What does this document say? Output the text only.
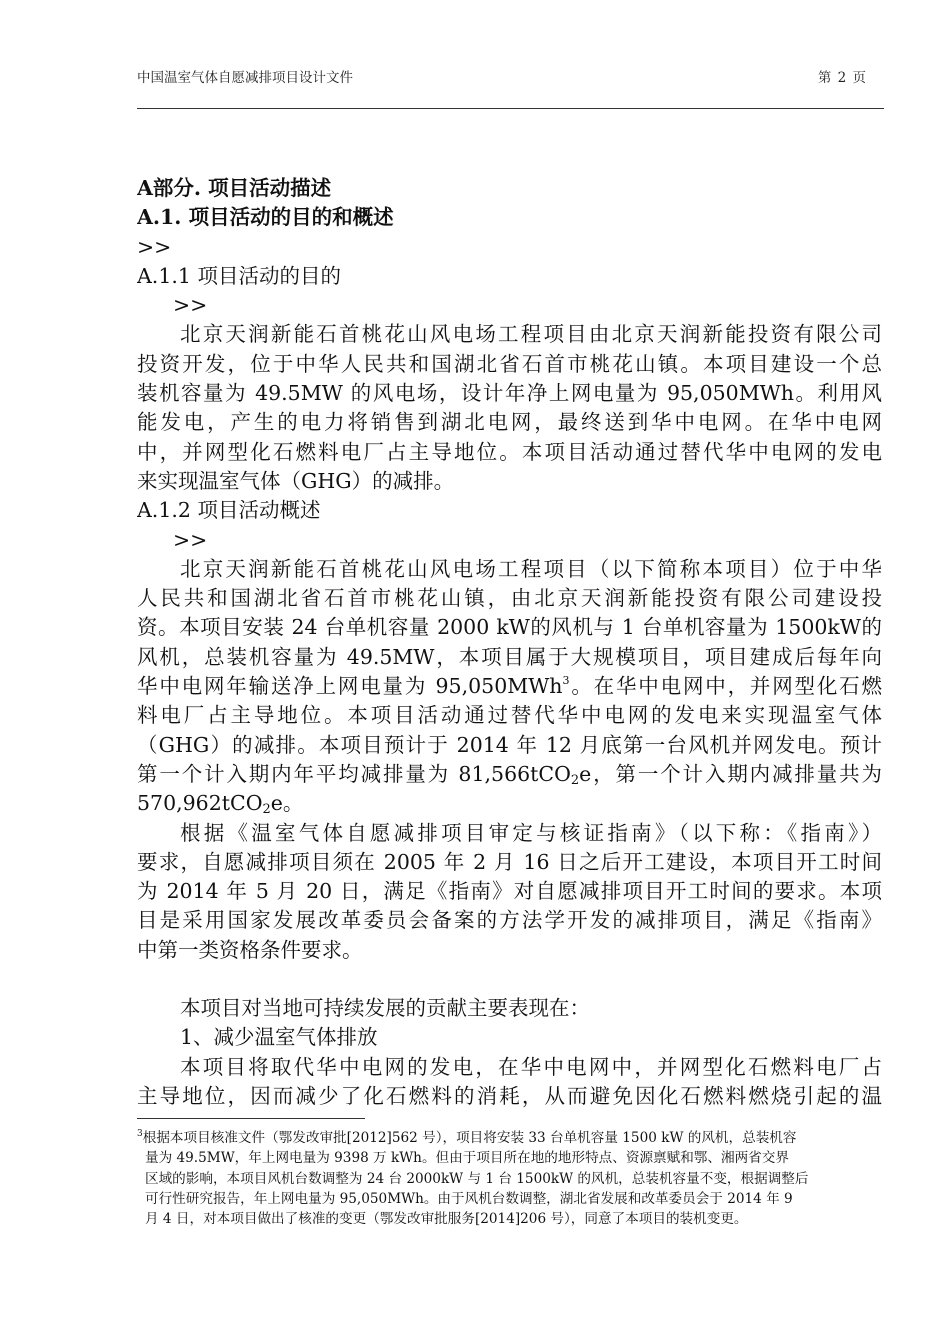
中国温室气体自愿减排项目设计文件	第 2 页
A部分. 项目活动描述
A.1. 项目活动的目的和概述
>>
A.1.1 项目活动的目的
>>
北京天润新能石首桃花山风电场工程项目由北京天润新能投资有限公司
投资开发，位于中华人民共和国湖北省石首市桃花山镇。本项目建设一个总
装机容量为 49.5MW 的风电场，设计年净上网电量为 95,050MWh。利用风
能发电，产生的电力将销售到湖北电网，最终送到华中电网。在华中电网
中，并网型化石燃料电厂占主导地位。本项目活动通过替代华中电网的发电
来实现温室气体（GHG）的减排。
A.1.2 项目活动概述
>>
北京天润新能石首桃花山风电场工程项目（以下简称本项目）位于中华
人民共和国湖北省石首市桃花山镇，由北京天润新能投资有限公司建设投
资。本项目安装 24 台单机容量 2000 kW的风机与 1 台单机容量为 1500kW的
风机，总装机容量为 49.5MW，本项目属于大规模项目，项目建成后每年向
华中电网年输送净上网电量为 95,050MWh$^3$。在华中电网中，并网型化石燃
料电厂占主导地位。本项目活动通过替代华中电网的发电来实现温室气体
（GHG）的减排。本项目预计于 2014 年 12 月底第一台风机并网发电。预计
第一个计入期内年平均减排量为 81,566tCO$_2$e，第一个计入期内减排量共为
570,962tCO$_2$e。
根据《温室气体自愿减排项目审定与核证指南》（以下称：《指南》）
要求，自愿减排项目须在 2005 年 2 月 16 日之后开工建设，本项目开工时间
为 2014 年 5 月 20 日，满足《指南》对自愿减排项目开工时间的要求。本项
目是采用国家发展改革委员会备案的方法学开发的减排项目，满足《指南》
中第一类资格条件要求。
本项目对当地可持续发展的贡献主要表现在：
1、减少温室气体排放
本项目将取代华中电网的发电，在华中电网中，并网型化石燃料电厂占
主导地位，因而减少了化石燃料的消耗，从而避免因化石燃料燃烧引起的温
$^3$根据本项目核准文件（鄂发改审批[2012]562 号），项目将安装 33 台单机容量 1500 kW 的风机，总装机容
量为 49.5MW，年上网电量为 9398 万 kWh。但由于项目所在地的地形特点、资源禀赋和鄂、湘两省交界
区域的影响，本项目风机台数调整为 24 台 2000kW 与 1 台 1500kW 的风机，总装机容量不变，根据调整后
可行性研究报告，年上网电量为 95,050MWh。由于风机台数调整，湖北省发展和改革委员会于 2014 年 9
月 4 日，对本项目做出了核准的变更（鄂发改审批服务[2014]206 号），同意了本项目的装机变更。
